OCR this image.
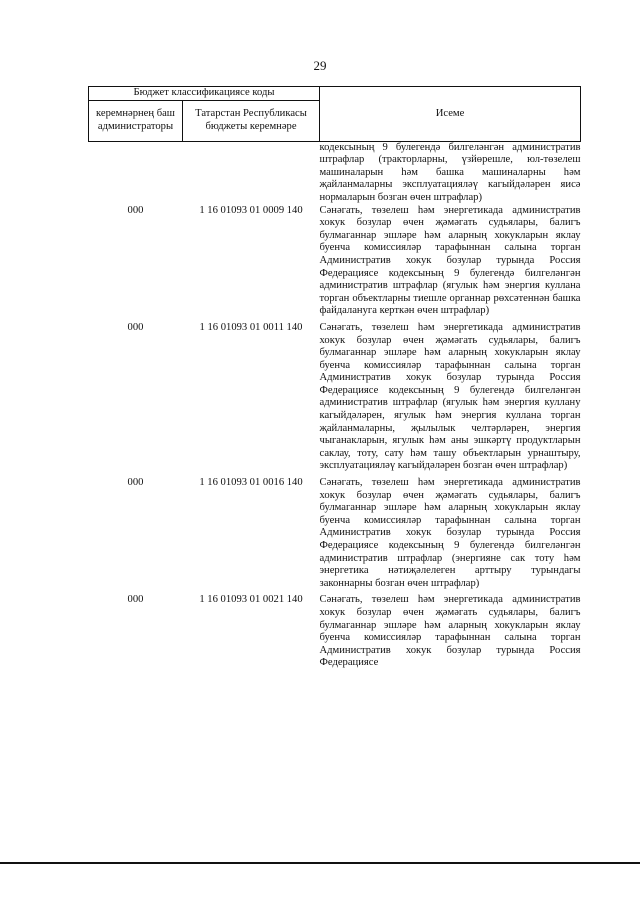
29
Бюджет классификациясе коды		Исеме
керемнәрнең баш администраторы	Татарстан Республикасы бюджеты керемнәре	

		кодексының 9 булегендә билгеләнгән административ штрафлар (тракторларны, үзйөрешле, юл-төзелеш машиналарын һәм башка машиналарны һәм җайланмаларны эксплуатацияләү кагыйдәләрен яисә нормаларын бозган өчен штрафлар)

000	1 16 01093 01 0009 140	Сәнәгать, төзелеш һәм энергетикада административ хокук бозулар өчен җәмәгать судьялары, балигъ булмаганнар эшләре һәм аларның хокукларын яклау буенча комиссияләр тарафыннан салына торган Административ хокук бозулар турында Россия Федерациясе кодексының 9 булегендә билгеләнгән административ штрафлар (ягулык һәм энергия куллана торган объектларны тиешле органнар рөхсәтеннән башка файдалануга керткән өчен штрафлар)

000	1 16 01093 01 0011 140	Сәнәгать, төзелеш һәм энергетикада административ хокук бозулар өчен җәмәгать судьялары, балигъ булмаганнар эшләре һәм аларның хокукларын яклау буенча комиссияләр тарафыннан салына торган Административ хокук бозулар турында Россия Федерациясе кодексының 9 булегендә билгеләнгән административ штрафлар (ягулык һәм энергия куллану кагыйдәләрен, ягулык һәм энергия куллана торган җайланмаларны, җылылык челтәрләрен, энергия чыганакларын, ягулык һәм аны эшкәртү продуктларын саклау, тоту, сату һәм ташу объектларын урнаштыру, эксплуатацияләү кагыйдәләрен бозган өчен штрафлар)

000	1 16 01093 01 0016 140	Сәнәгать, төзелеш һәм энергетикада административ хокук бозулар өчен җәмәгать судьялары, балигъ булмаганнар эшләре һәм аларның хокукларын яклау буенча комиссияләр тарафыннан салына торган Административ хокук бозулар турында Россия Федерациясе кодексының 9 булегендә билгеләнгән административ штрафлар (энергияне сак тоту һәм энергетика нәтиҗәлелеген арттыру турындагы законнарны бозган өчен штрафлар)

000	1 16 01093 01 0021 140	Сәнәгать, төзелеш һәм энергетикада административ хокук бозулар өчен җәмәгать судьялары, балигъ булмаганнар эшләре һәм аларның хокукларын яклау буенча комиссияләр тарафыннан салына торган Административ хокук бозулар турында Россия Федерациясе
